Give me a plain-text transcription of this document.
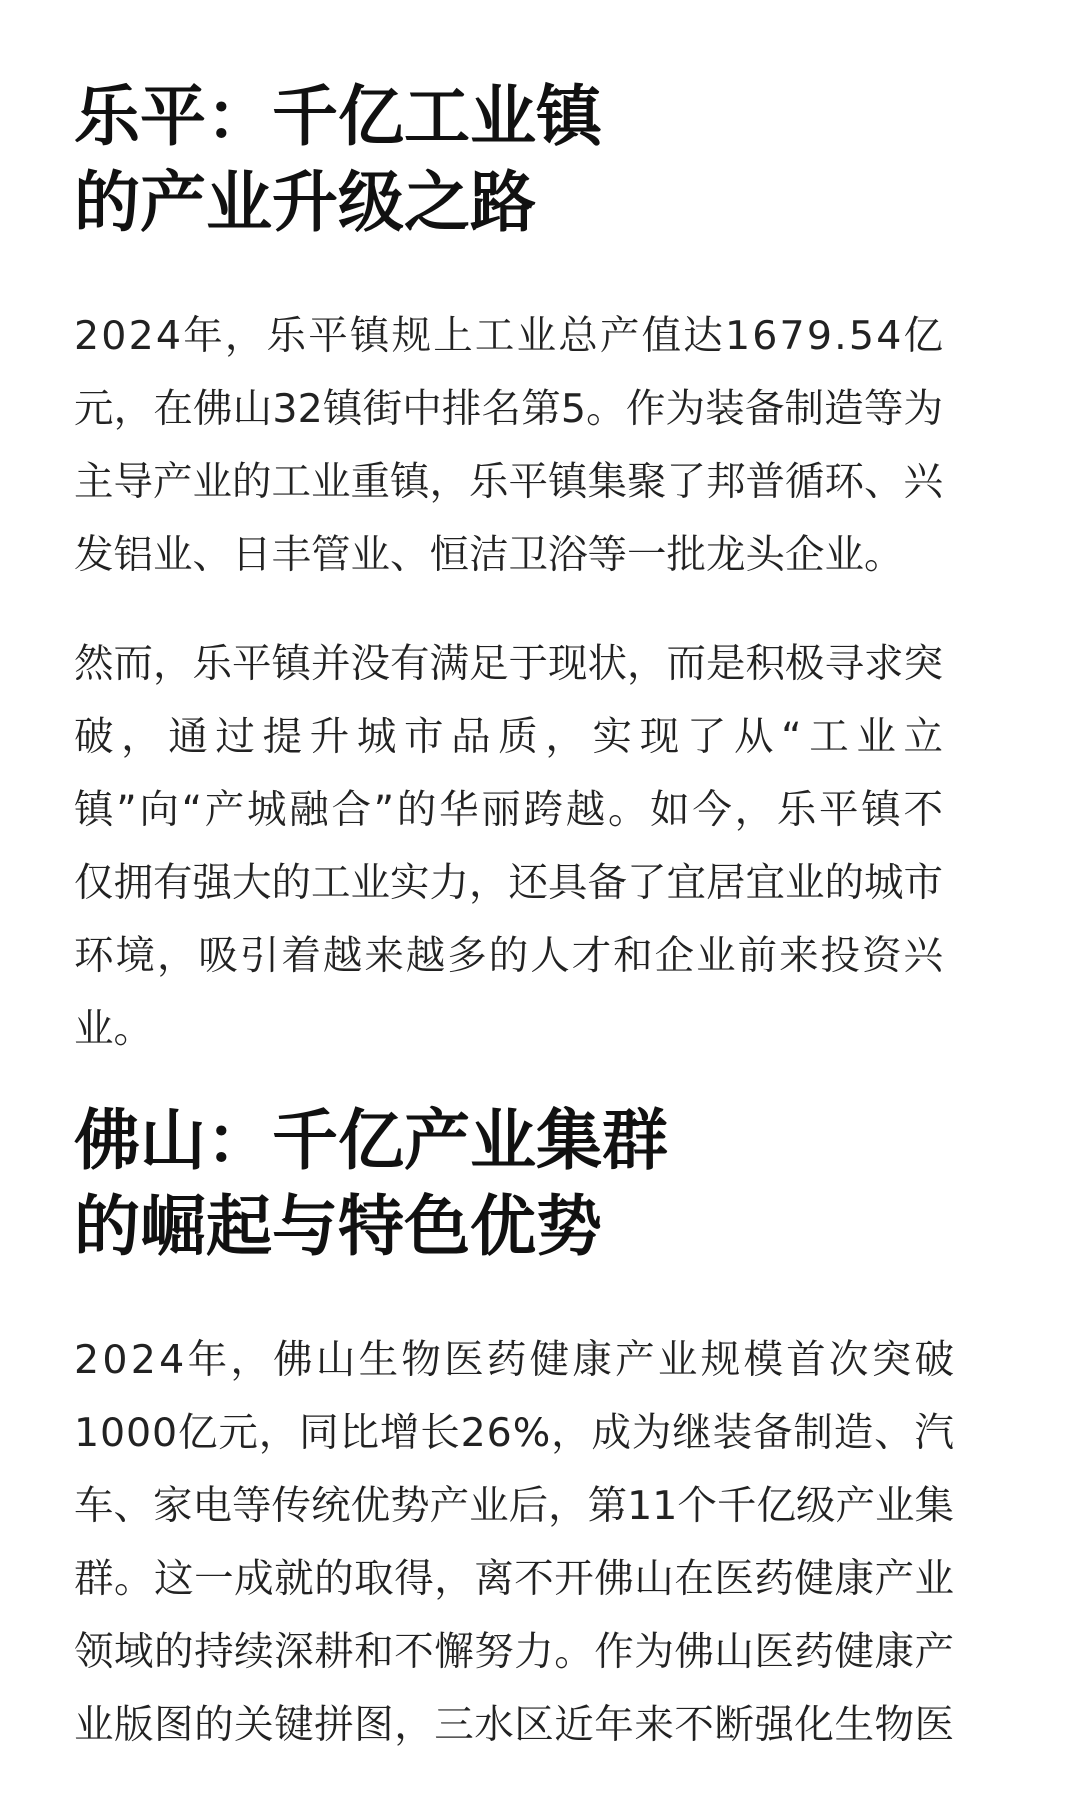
乐平：千亿工业镇
的产业升级之路
2024年，乐平镇规上工业总产值达1679.54亿
元，在佛山32镇街中排名第5。作为装备制造等为
主导产业的工业重镇，乐平镇集聚了邦普循环、兴
发铝业、日丰管业、恒洁卫浴等一批龙头企业。
然而，乐平镇并没有满足于现状，而是积极寻求突
破，通过提升城市品质，实现了从“工业立
镇”向“产城融合”的华丽跨越。如今，乐平镇不
仅拥有强大的工业实力，还具备了宜居宜业的城市
环境，吸引着越来越多的人才和企业前来投资兴
业。
佛山：千亿产业集群
的崛起与特色优势
2024年，佛山生物医药健康产业规模首次突破
1000亿元，同比增长26%，成为继装备制造、汽
车、家电等传统优势产业后，第11个千亿级产业集
群。这一成就的取得，离不开佛山在医药健康产业
领域的持续深耕和不懈努力。作为佛山医药健康产
业版图的关键拼图，三水区近年来不断强化生物医
